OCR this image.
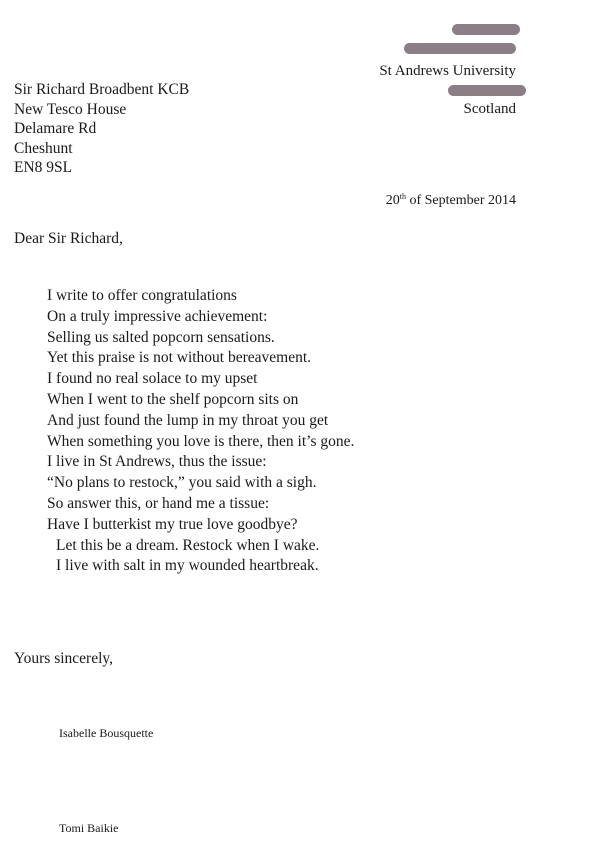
St Andrews University
Scotland
Sir Richard Broadbent KCB
New Tesco House
Delamare Rd
Cheshunt
EN8 9SL
20th of September 2014
Dear Sir Richard,
I write to offer congratulations
On a truly impressive achievement:
Selling us salted popcorn sensations.
Yet this praise is not without bereavement.
I found no real solace to my upset
When I went to the shelf popcorn sits on
And just found the lump in my throat you get
When something you love is there, then it’s gone.
I live in St Andrews, thus the issue:
“No plans to restock,” you said with a sigh.
So answer this, or hand me a tissue:
Have I butterkist my true love goodbye?
Let this be a dream. Restock when I wake.
I live with salt in my wounded heartbreak.
Yours sincerely,
Isabelle Bousquette
Tomi Baikie
